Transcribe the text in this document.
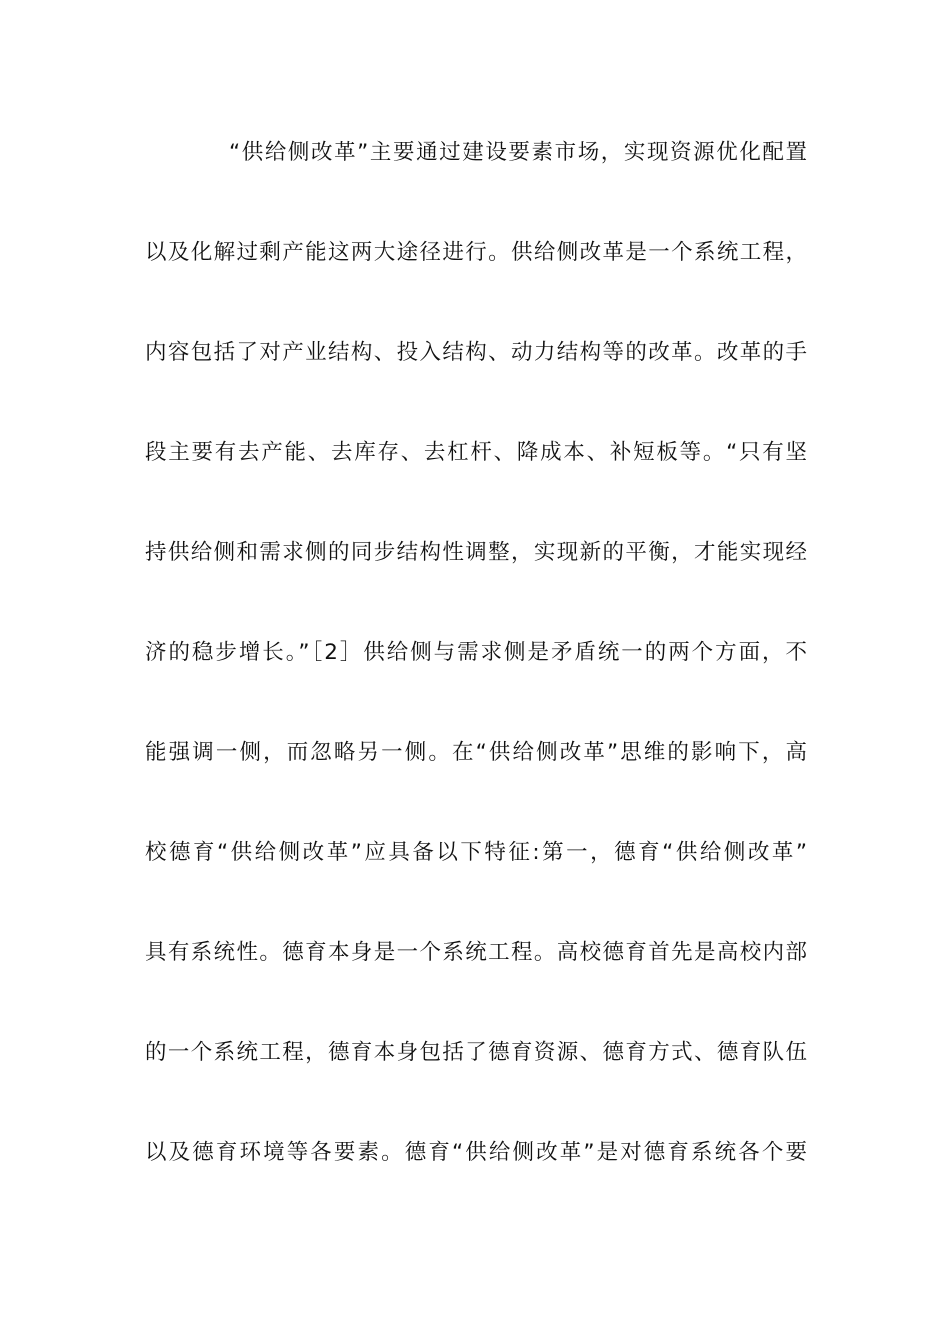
“供给侧改革”主要通过建设要素市场，实现资源优化配置
以及化解过剩产能这两大途径进行。供给侧改革是一个系统工程，
内容包括了对产业结构、投入结构、动力结构等的改革。改革的手
段主要有去产能、去库存、去杠杆、降成本、补短板等。“只有坚
持供给侧和需求侧的同步结构性调整，实现新的平衡，才能实现经
济的稳步增长。”［2］供给侧与需求侧是矛盾统一的两个方面，不
能强调一侧，而忽略另一侧。在“供给侧改革”思维的影响下，高
校德育“供给侧改革”应具备以下特征:第一，德育“供给侧改革”
具有系统性。德育本身是一个系统工程。高校德育首先是高校内部
的一个系统工程，德育本身包括了德育资源、德育方式、德育队伍
以及德育环境等各要素。德育“供给侧改革”是对德育系统各个要
